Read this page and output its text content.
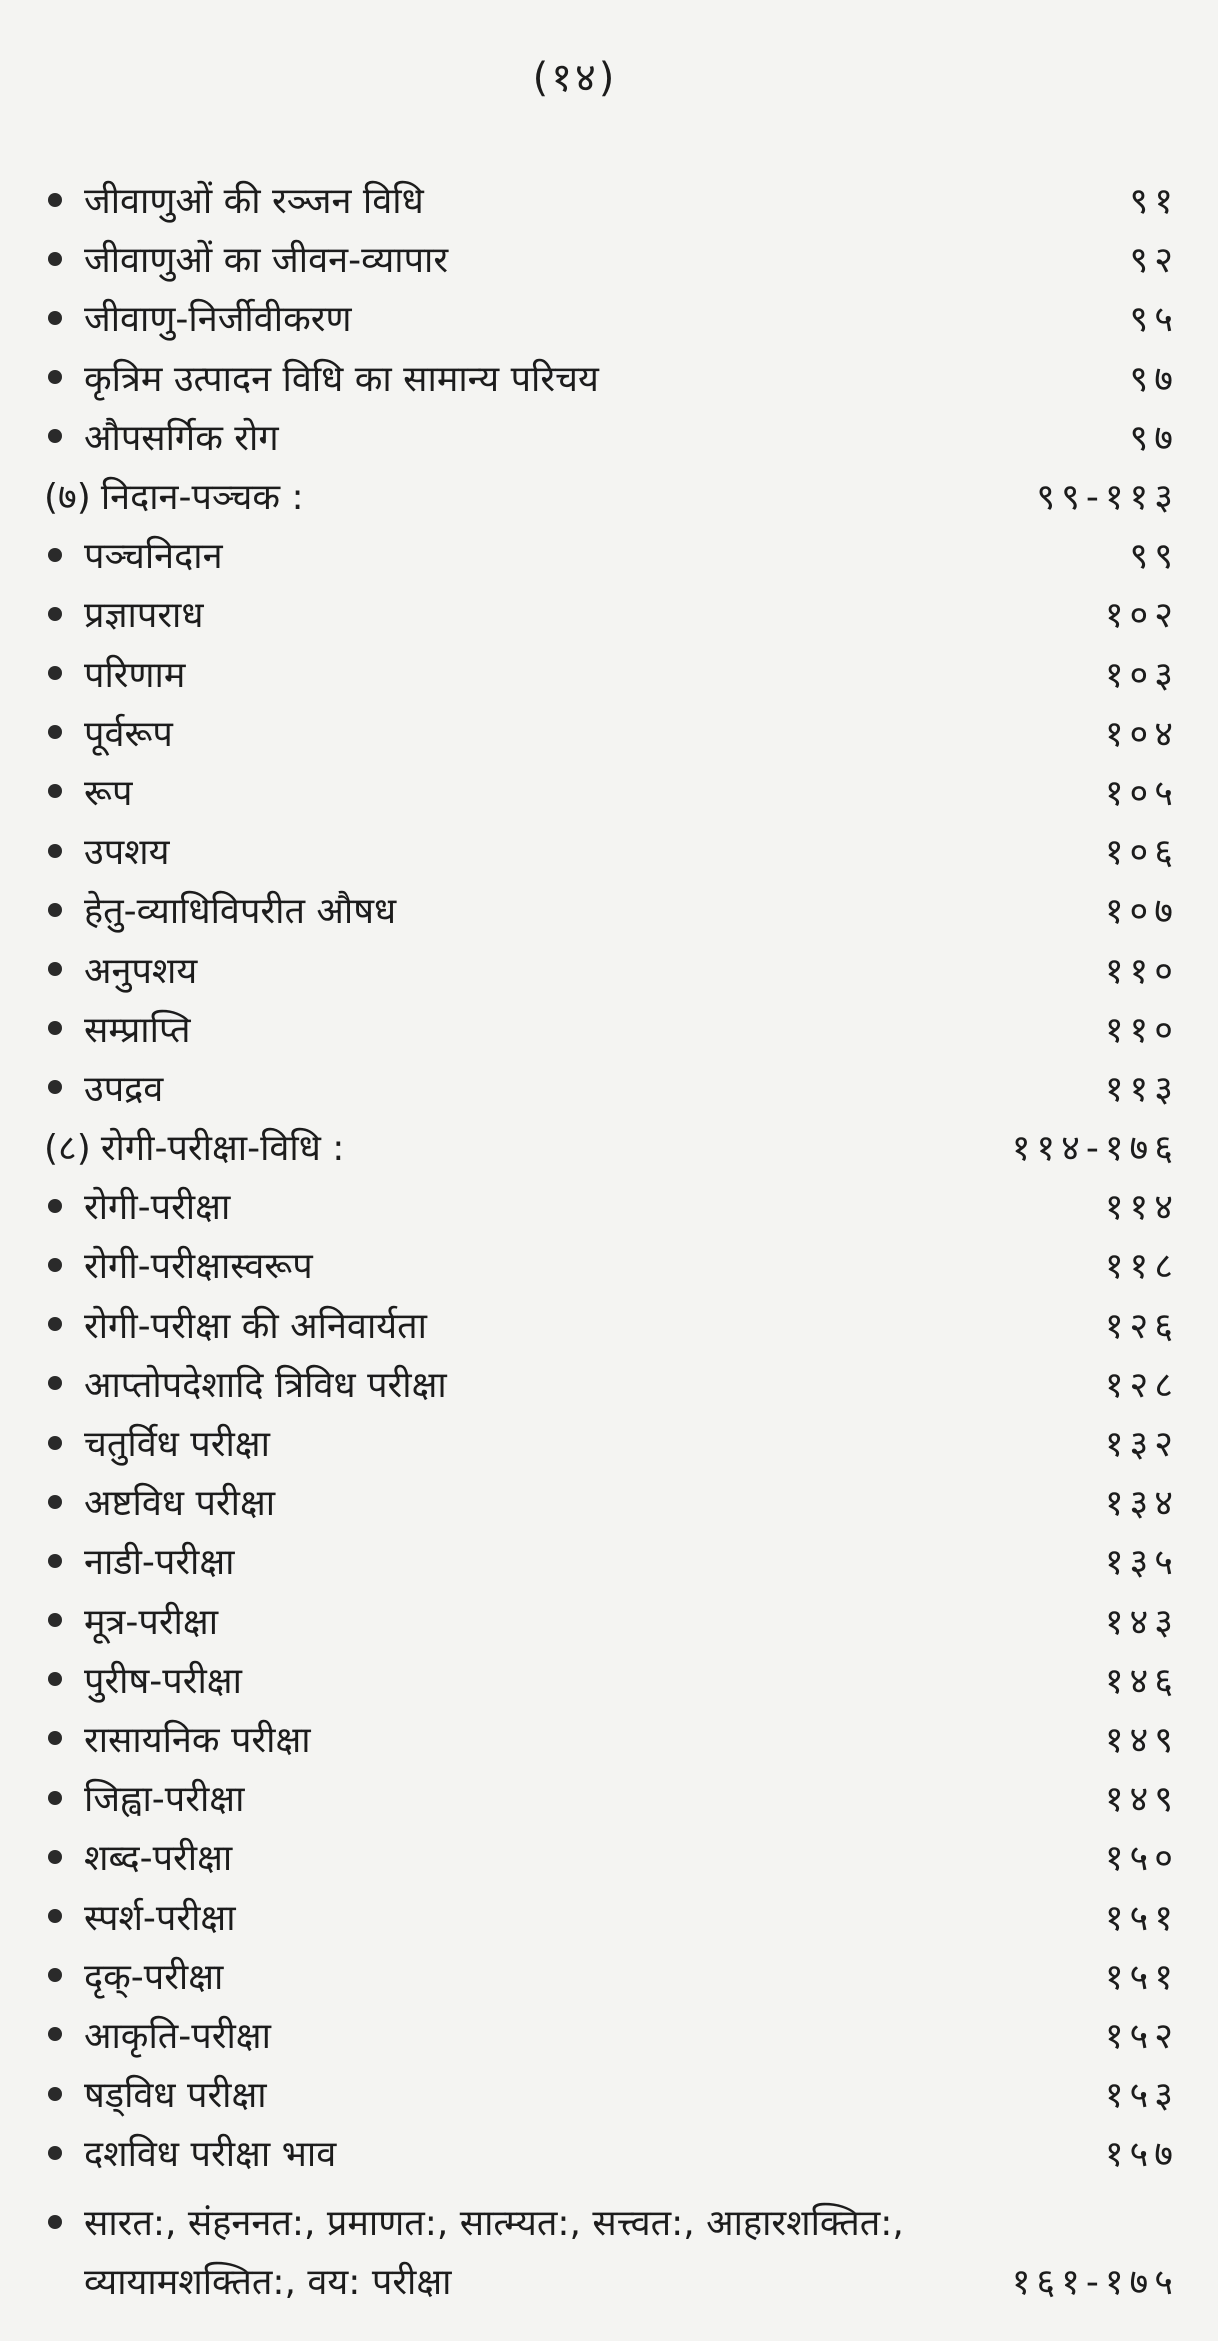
(१४)
जीवाणुओं की रञ्जन विधि	९१
जीवाणुओं का जीवन-व्यापार	९२
जीवाणु-निर्जीवीकरण	९५
कृत्रिम उत्पादन विधि का सामान्य परिचय	९७
औपसर्गिक रोग	९७
(७) निदान-पञ्चक :	९९-११३
पञ्चनिदान	९९
प्रज्ञापराध	१०२
परिणाम	१०३
पूर्वरूप	१०४
रूप	१०५
उपशय	१०६
हेतु-व्याधिविपरीत औषध	१०७
अनुपशय	११०
सम्प्राप्ति	११०
उपद्रव	११३
(८) रोगी-परीक्षा-विधि :	११४-१७६
रोगी-परीक्षा	११४
रोगी-परीक्षास्वरूप	११८
रोगी-परीक्षा की अनिवार्यता	१२६
आप्तोपदेशादि त्रिविध परीक्षा	१२८
चतुर्विध परीक्षा	१३२
अष्टविध परीक्षा	१३४
नाडी-परीक्षा	१३५
मूत्र-परीक्षा	१४३
पुरीष-परीक्षा	१४६
रासायनिक परीक्षा	१४९
जिह्वा-परीक्षा	१४९
शब्द-परीक्षा	१५०
स्पर्श-परीक्षा	१५१
दृक्-परीक्षा	१५१
आकृति-परीक्षा	१५२
षड्विध परीक्षा	१५३
दशविध परीक्षा भाव	१५७
सारत:, संहननत:, प्रमाणत:, सात्म्यत:, सत्त्वत:, आहारशक्तित:,
व्यायामशक्तित:, वय: परीक्षा	१६१-१७५
